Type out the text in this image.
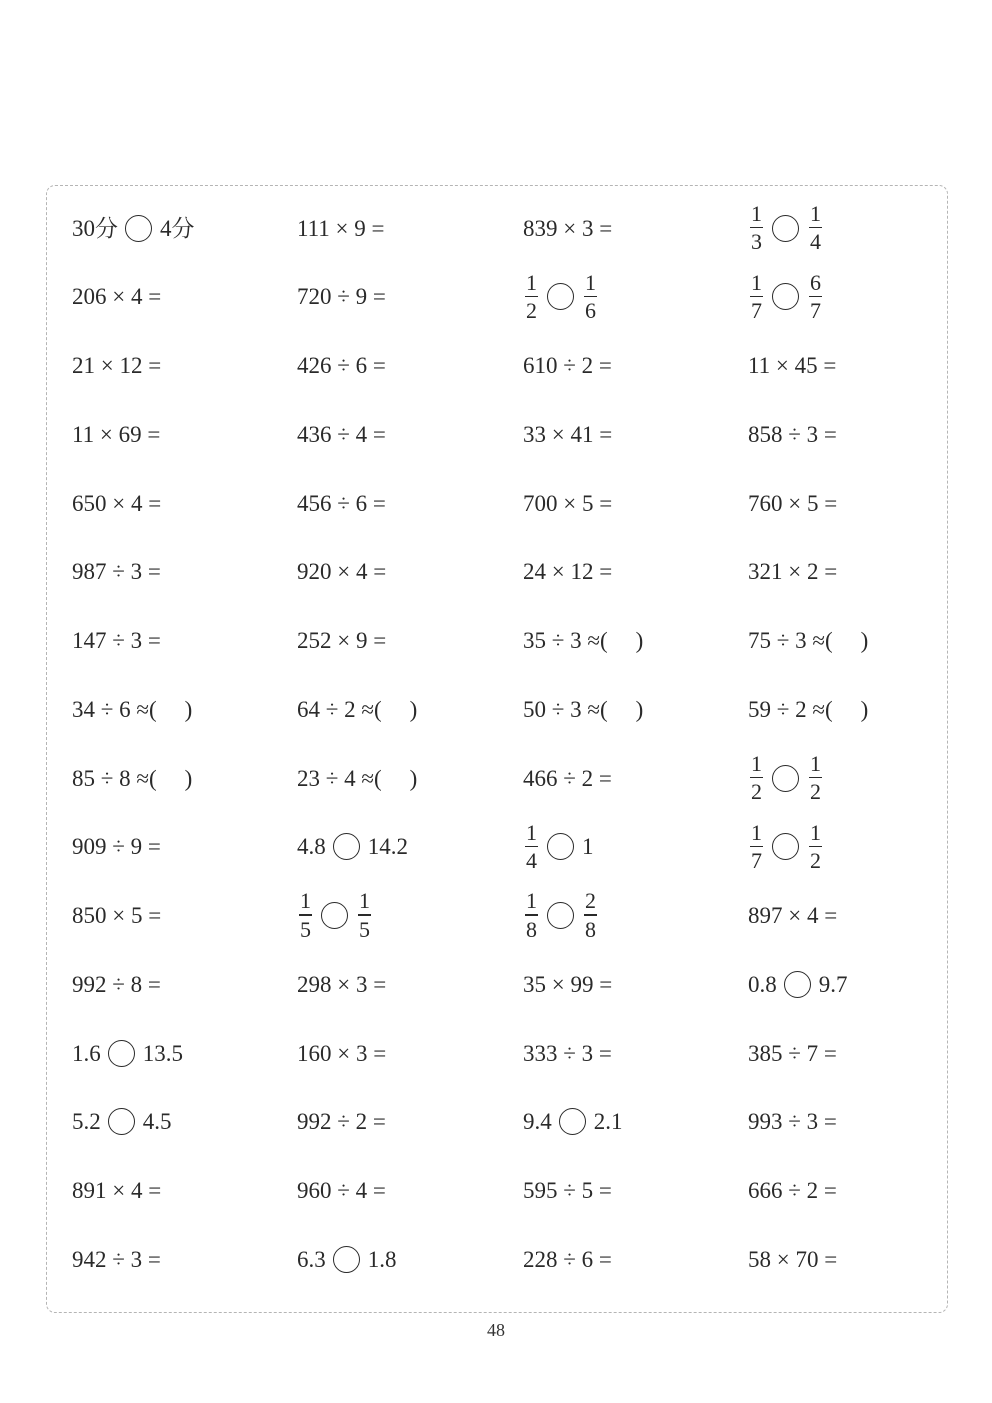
30分 4分	111 × 9 =	839 × 3 =	$\frac{1}{3} \frac{1}{4}$
206 × 4 =	720 ÷ 9 =	$\frac{1}{2} \frac{1}{6}$	$\frac{1}{7} \frac{6}{7}$
21 × 12 =	426 ÷ 6 =	610 ÷ 2 =	11 × 45 =
11 × 69 =	436 ÷ 4 =	33 × 41 =	858 ÷ 3 =
650 × 4 =	456 ÷ 6 =	700 × 5 =	760 × 5 =
987 ÷ 3 =	920 × 4 =	24 × 12 =	321 × 2 =
147 ÷ 3 =	252 × 9 =	35 ÷ 3 ≈ ( )	75 ÷ 3 ≈ ( )
34 ÷ 6 ≈ ( )	64 ÷ 2 ≈ ( )	50 ÷ 3 ≈ ( )	59 ÷ 2 ≈ ( )
85 ÷ 8 ≈ ( )	23 ÷ 4 ≈ ( )	466 ÷ 2 =	$\frac{1}{2} \frac{1}{2}$
909 ÷ 9 =	4.8 14.2	$\frac{1}{4} 1$	$\frac{1}{7} \frac{1}{2}$
850 × 5 =	$\frac{1}{5} \frac{1}{5}$	$\frac{1}{8} \frac{2}{8}$	897 × 4 =
992 ÷ 8 =	298 × 3 =	35 × 99 =	0.8 9.7
1.6 13.5	160 × 3 =	333 ÷ 3 =	385 ÷ 7 =
5.2 4.5	992 ÷ 2 =	9.4 2.1	993 ÷ 3 =
891 × 4 =	960 ÷ 4 =	595 ÷ 5 =	666 ÷ 2 =
942 ÷ 3 =	6.3 1.8	228 ÷ 6 =	58 × 70 =
48
